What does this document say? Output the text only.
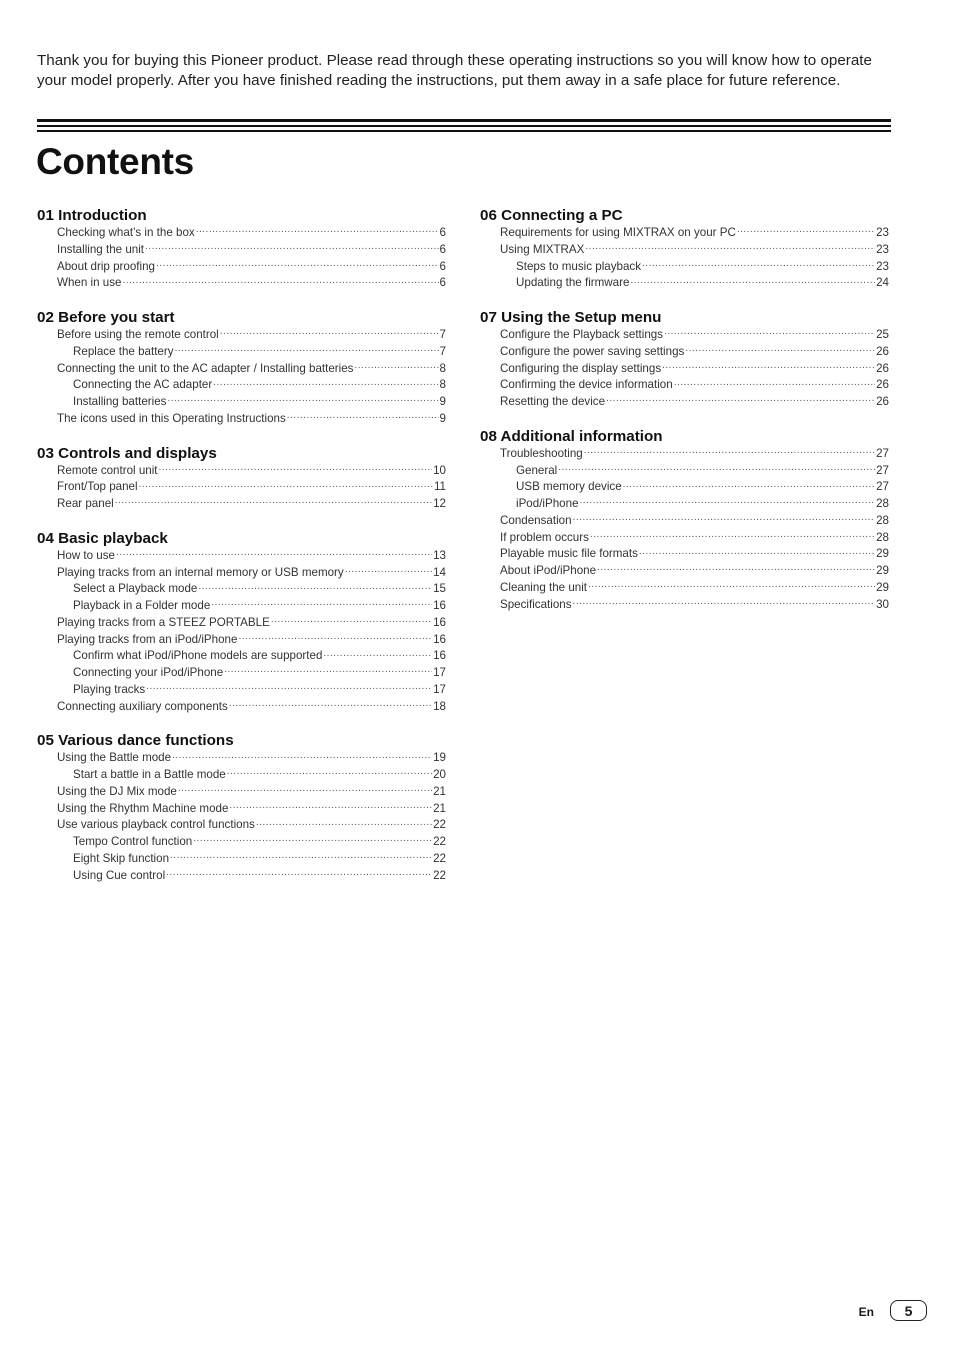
Thank you for buying this Pioneer product. Please read through these operating instructions so you will know how to operate your model properly. After you have finished reading the instructions, put them away in a safe place for future reference.

Contents
01 Introduction
Checking what’s in the box .....	6
Installing the unit .....	6
About drip proofing .....	6
When in use .....	6
02 Before you start
Before using the remote control .....	7
Replace the battery .....	7
Connecting the unit to the AC adapter / Installing batteries .....	8
Connecting the AC adapter .....	8
Installing batteries .....	9
The icons used in this Operating Instructions .....	9
03 Controls and displays
Remote control unit .....	10
Front/Top panel .....	11
Rear panel .....	12
04 Basic playback
How to use .....	13
Playing tracks from an internal memory or USB memory .....	14
Select a Playback mode .....	15
Playback in a Folder mode .....	16
Playing tracks from a STEEZ PORTABLE .....	16
Playing tracks from an iPod/iPhone .....	16
Confirm what iPod/iPhone models are supported .....	16
Connecting your iPod/iPhone .....	17
Playing tracks .....	17
Connecting auxiliary components .....	18
05 Various dance functions
Using the Battle mode .....	19
Start a battle in a Battle mode .....	20
Using the DJ Mix mode .....	21
Using the Rhythm Machine mode .....	21
Use various playback control functions .....	22
Tempo Control function .....	22
Eight Skip function .....	22
Using Cue control .....	22
06 Connecting a PC
Requirements for using MIXTRAX on your PC .....	23
Using MIXTRAX .....	23
Steps to music playback .....	23
Updating the firmware .....	24
07 Using the Setup menu
Configure the Playback settings .....	25
Configure the power saving settings .....	26
Configuring the display settings .....	26
Confirming the device information .....	26
Resetting the device .....	26
08 Additional information
Troubleshooting .....	27
General .....	27
USB memory device .....	27
iPod/iPhone .....	28
Condensation .....	28
If problem occurs .....	28
Playable music file formats .....	29
About iPod/iPhone .....	29
Cleaning the unit .....	29
Specifications .....	30
En	5
